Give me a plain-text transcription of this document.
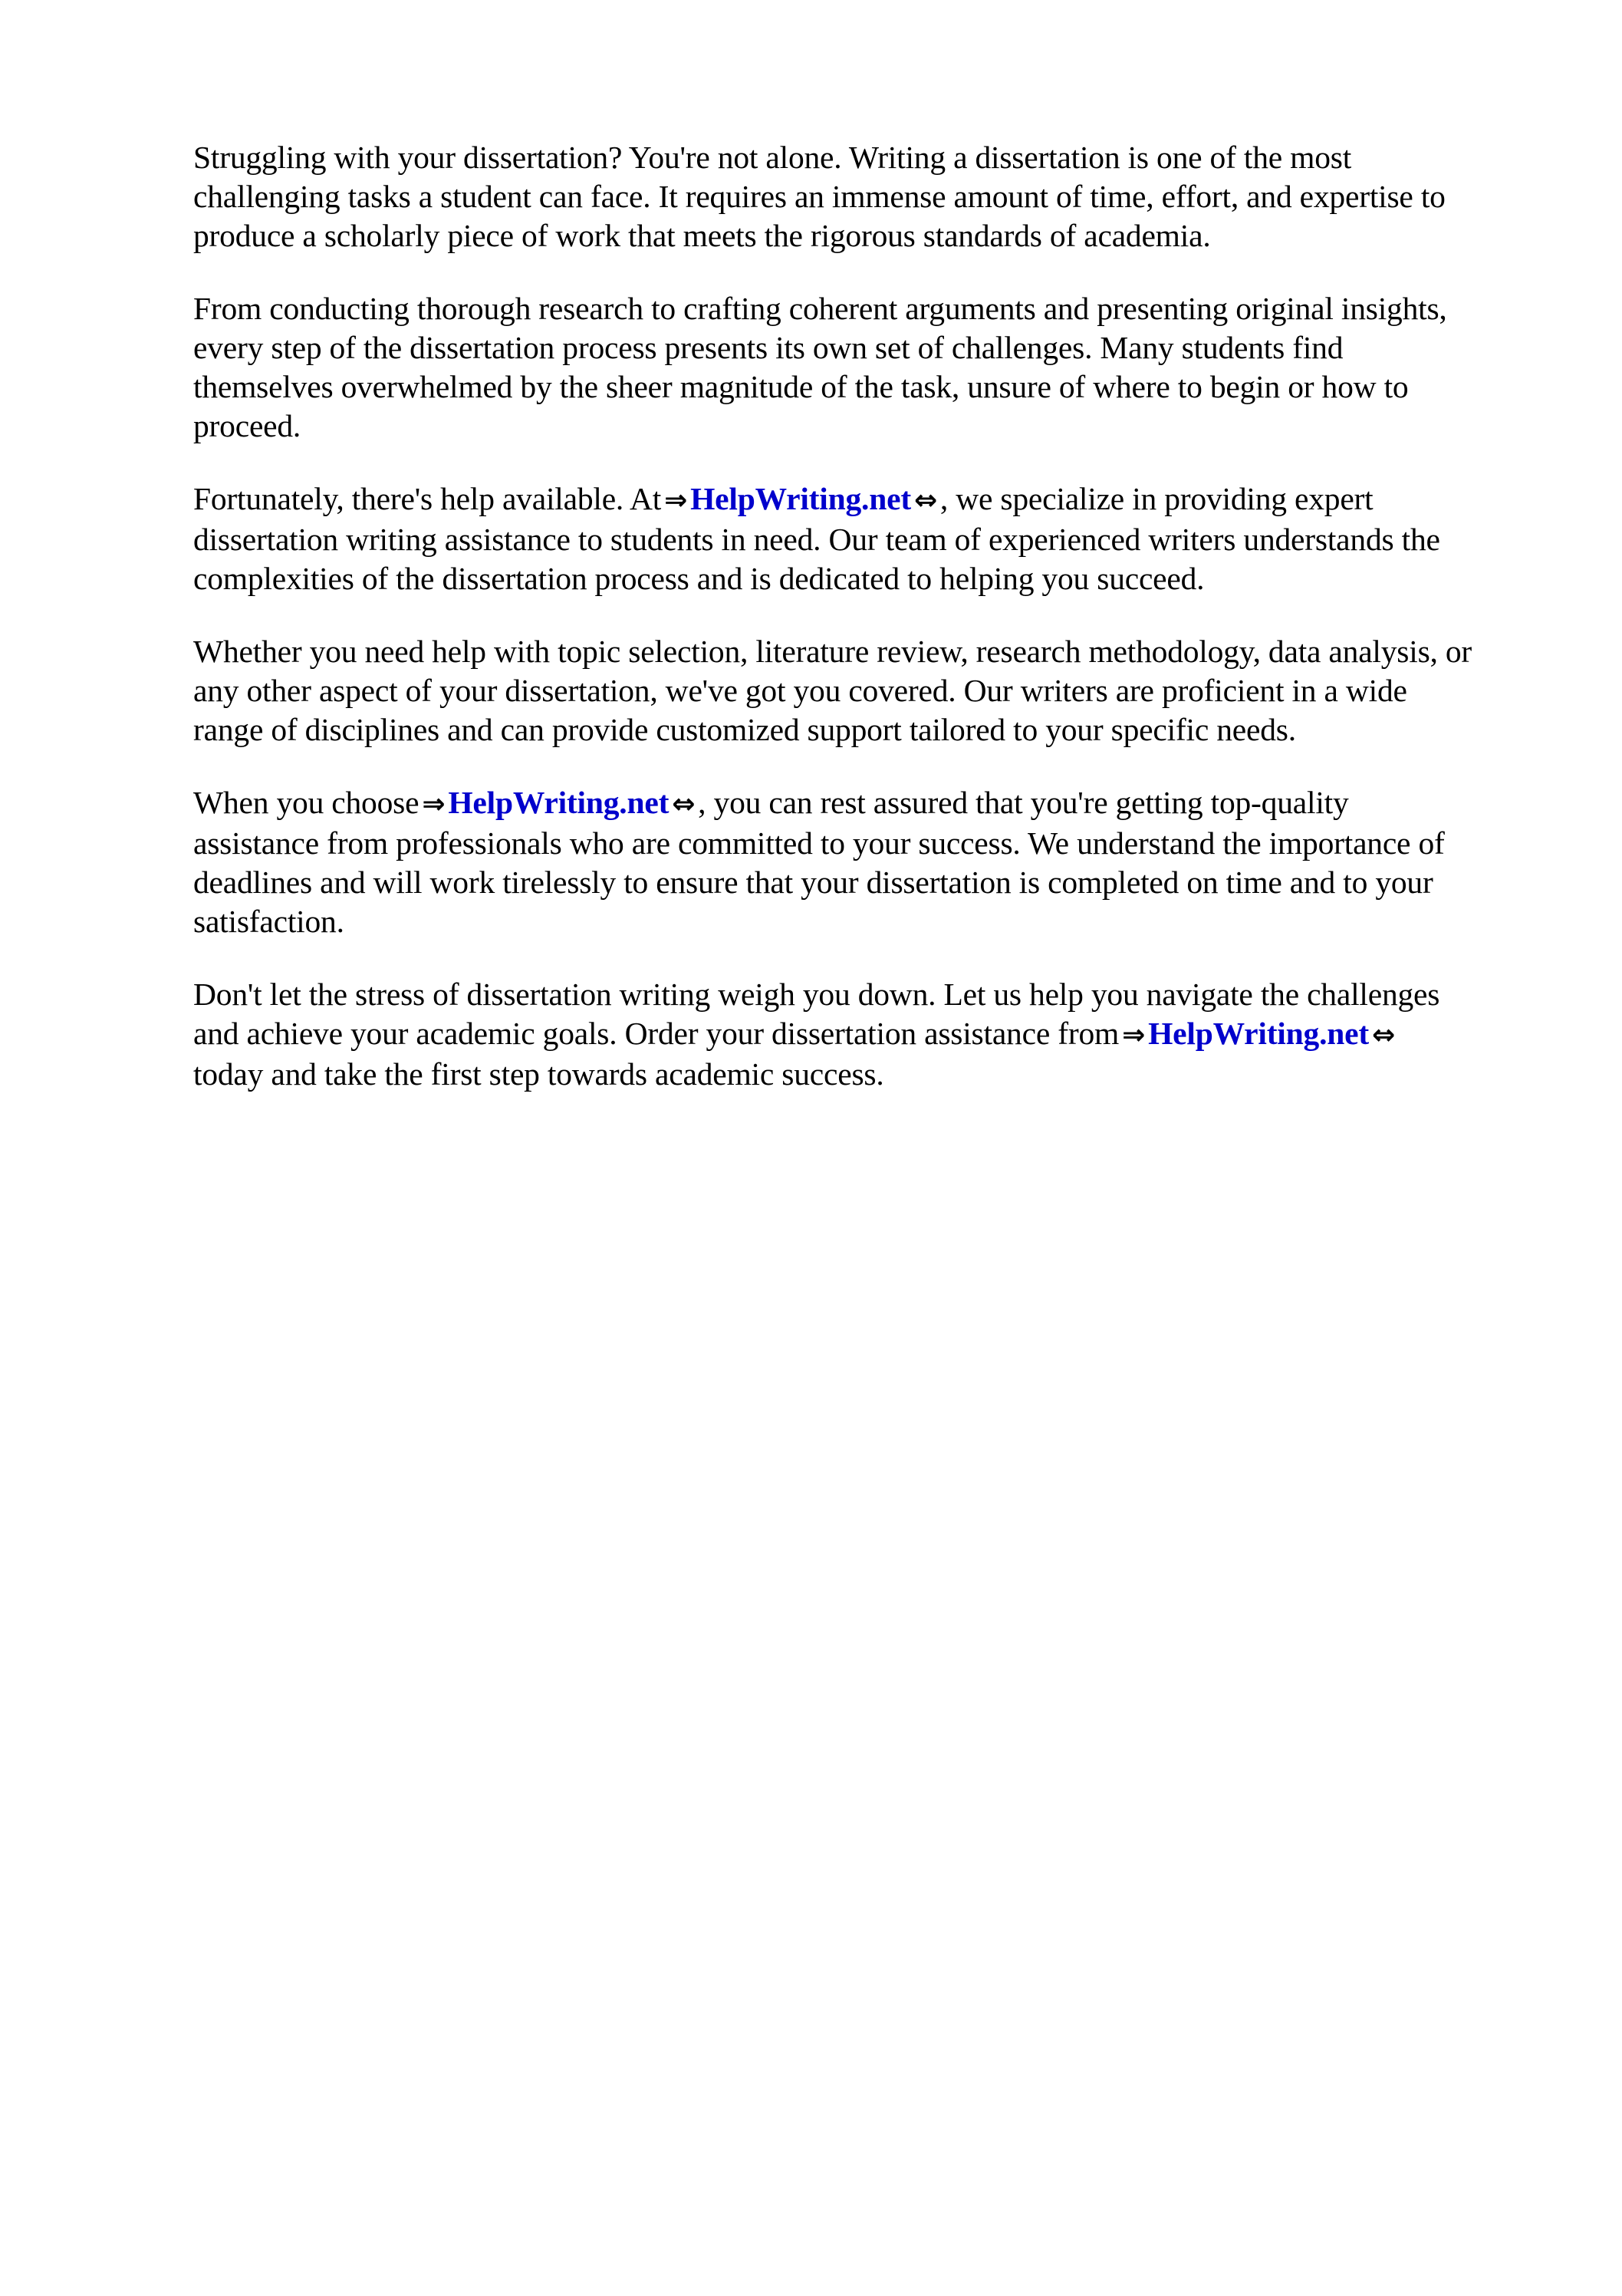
Struggling with your dissertation? You're not alone. Writing a dissertation is one of the most
challenging tasks a student can face. It requires an immense amount of time, effort, and expertise to
produce a scholarly piece of work that meets the rigorous standards of academia.

From conducting thorough research to crafting coherent arguments and presenting original insights,
every step of the dissertation process presents its own set of challenges. Many students find
themselves overwhelmed by the sheer magnitude of the task, unsure of where to begin or how to
proceed.

Fortunately, there's help available. At ⇒HelpWriting.net ⇔, we specialize in providing expert
dissertation writing assistance to students in need. Our team of experienced writers understands the
complexities of the dissertation process and is dedicated to helping you succeed.

Whether you need help with topic selection, literature review, research methodology, data analysis, or
any other aspect of your dissertation, we've got you covered. Our writers are proficient in a wide
range of disciplines and can provide customized support tailored to your specific needs.

When you choose ⇒HelpWriting.net ⇔, you can rest assured that you're getting top-quality
assistance from professionals who are committed to your success. We understand the importance of
deadlines and will work tirelessly to ensure that your dissertation is completed on time and to your
satisfaction.

Don't let the stress of dissertation writing weigh you down. Let us help you navigate the challenges
and achieve your academic goals. Order your dissertation assistance from ⇒HelpWriting.net ⇔
today and take the first step towards academic success.
